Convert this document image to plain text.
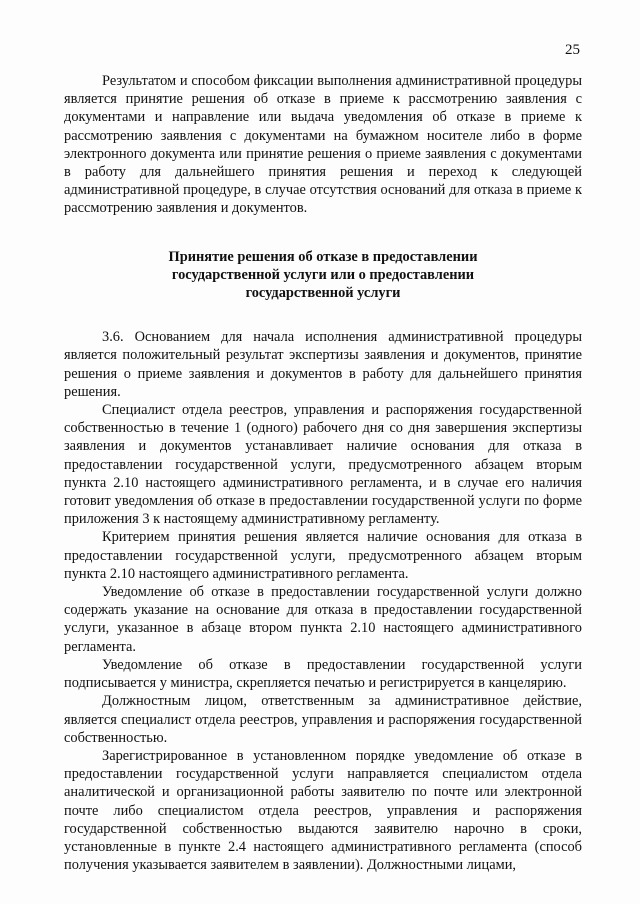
25

Результатом и способом фиксации выполнения административной процедуры является принятие решения об отказе в приеме к рассмотрению заявления с документами и направление или выдача уведомления об отказе в приеме к рассмотрению заявления с документами на бумажном носителе либо в форме электронного документа или принятие решения о приеме заявления с документами в работу для дальнейшего принятия решения и переход к следующей административной процедуре, в случае отсутствия оснований для отказа в приеме к рассмотрению заявления и документов.

Принятие решения об отказе в предоставлении
государственной услуги или о предоставлении
государственной услуги

3.6. Основанием для начала исполнения административной процедуры является положительный результат экспертизы заявления и документов, принятие решения о приеме заявления и документов в работу для дальнейшего принятия решения.

Специалист отдела реестров, управления и распоряжения государственной собственностью в течение 1 (одного) рабочего дня со дня завершения экспертизы заявления и документов устанавливает наличие основания для отказа в предоставлении государственной услуги, предусмотренного абзацем вторым пункта 2.10 настоящего административного регламента, и в случае его наличия готовит уведомления об отказе в предоставлении государственной услуги по форме приложения 3 к настоящему административному регламенту.

Критерием принятия решения является наличие основания для отказа в предоставлении государственной услуги, предусмотренного абзацем вторым пункта 2.10 настоящего административного регламента.

Уведомление об отказе в предоставлении государственной услуги должно содержать указание на основание для отказа в предоставлении государственной услуги, указанное в абзаце втором пункта 2.10 настоящего административного регламента.

Уведомление об отказе в предоставлении государственной услуги подписывается у министра, скрепляется печатью и регистрируется в канцелярию.

Должностным лицом, ответственным за административное действие, является специалист отдела реестров, управления и распоряжения государственной собственностью.

Зарегистрированное в установленном порядке уведомление об отказе в предоставлении государственной услуги направляется специалистом отдела аналитической и организационной работы заявителю по почте или электронной почте либо специалистом отдела реестров, управления и распоряжения государственной собственностью выдаются заявителю нарочно в сроки, установленные в пункте 2.4 настоящего административного регламента (способ получения указывается заявителем в заявлении). Должностными лицами,
